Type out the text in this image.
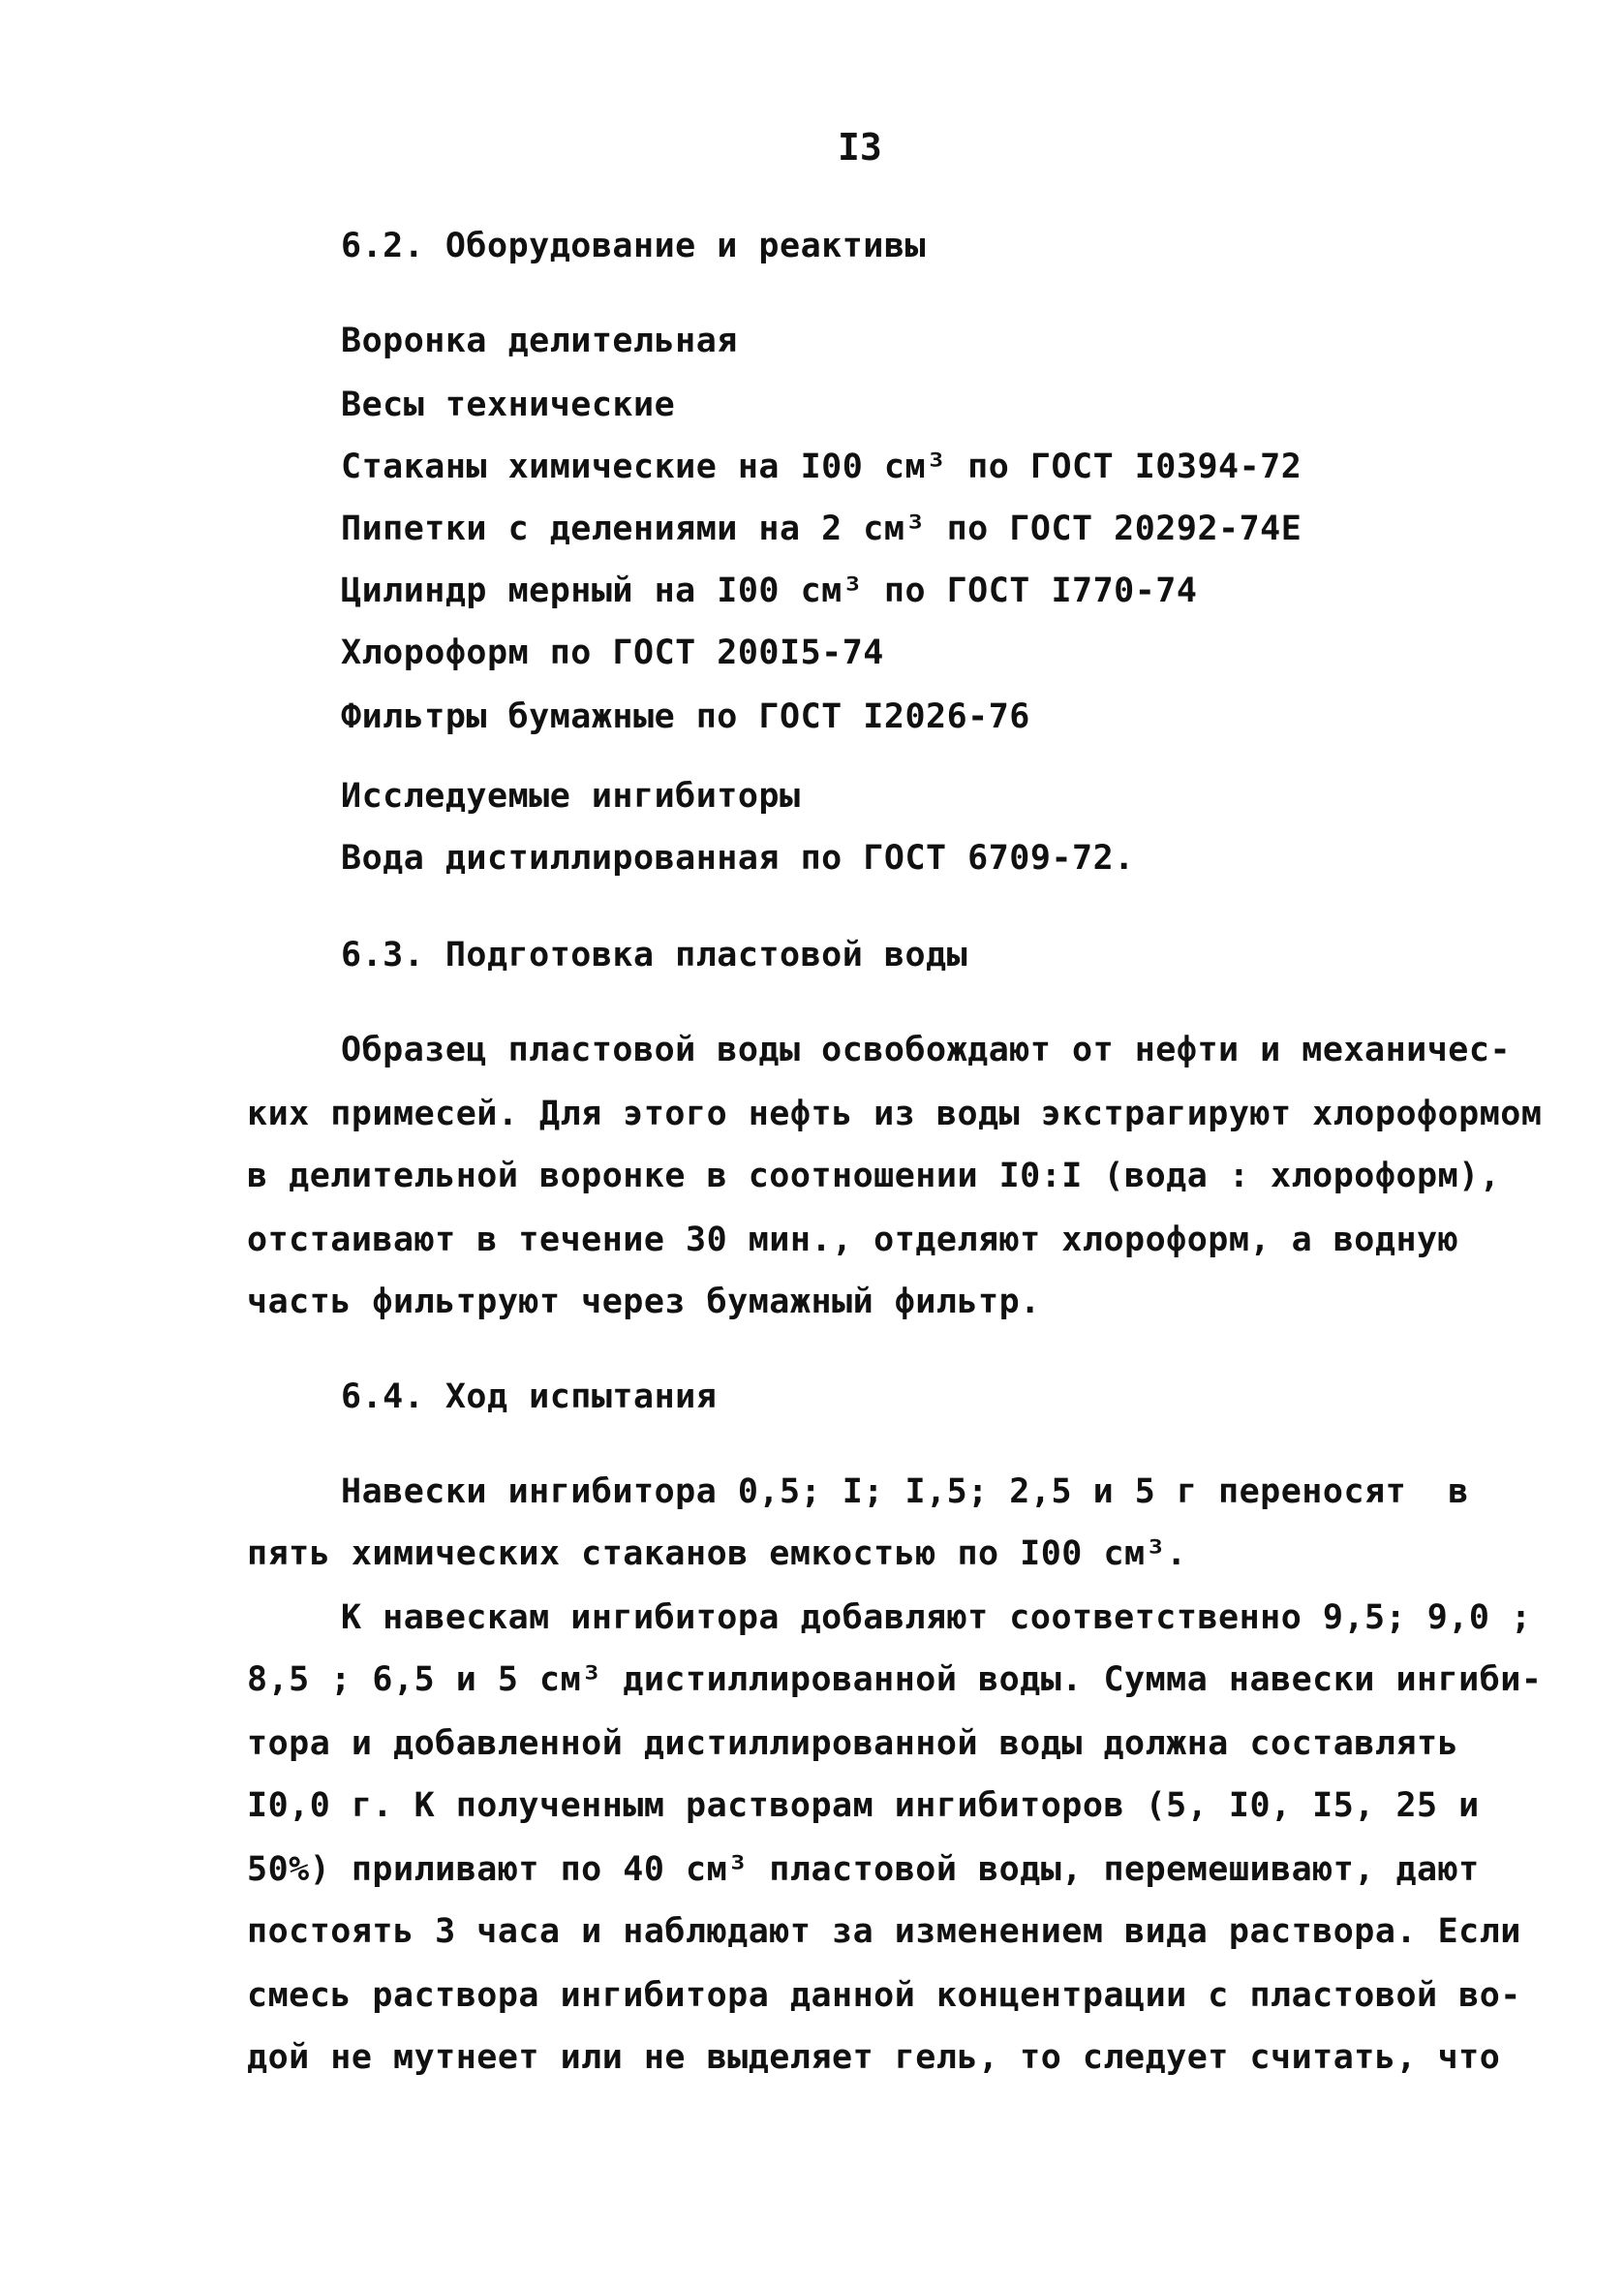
I3
6.2. Оборудование и реактивы
Воронка делительная
Весы технические
Стаканы химические на I00 см³ по ГОСТ I0394-72
Пипетки с делениями на 2 см³ по ГОСТ 20292-74Е
Цилиндр мерный на I00 см³ по ГОСТ I770-74
Хлороформ по ГОСТ 200I5-74
Фильтры бумажные по ГОСТ I2026-76
Исследуемые ингибиторы
Вода дистиллированная по ГОСТ 6709-72.
6.3. Подготовка пластовой воды
Образец пластовой воды освобождают от нефти и механичес-
ких примесей. Для этого нефть из воды экстрагируют хлороформом
в делительной воронке в соотношении I0:I (вода : хлороформ),
отстаивают в течение 30 мин., отделяют хлороформ, а водную
часть фильтруют через бумажный фильтр.
6.4. Ход испытания
Навески ингибитора 0,5; I; I,5; 2,5 и 5 г переносят  в
пять химических стаканов емкостью по I00 см³.
К навескам ингибитора добавляют соответственно 9,5; 9,0 ;
8,5 ; 6,5 и 5 см³ дистиллированной воды. Сумма навески ингиби-
тора и добавленной дистиллированной воды должна составлять
I0,0 г. К полученным растворам ингибиторов (5, I0, I5, 25 и
50%) приливают по 40 см³ пластовой воды, перемешивают, дают
постоять 3 часа и наблюдают за изменением вида раствора. Если
смесь раствора ингибитора данной концентрации с пластовой во-
дой не мутнеет или не выделяет гель, то следует считать, что
